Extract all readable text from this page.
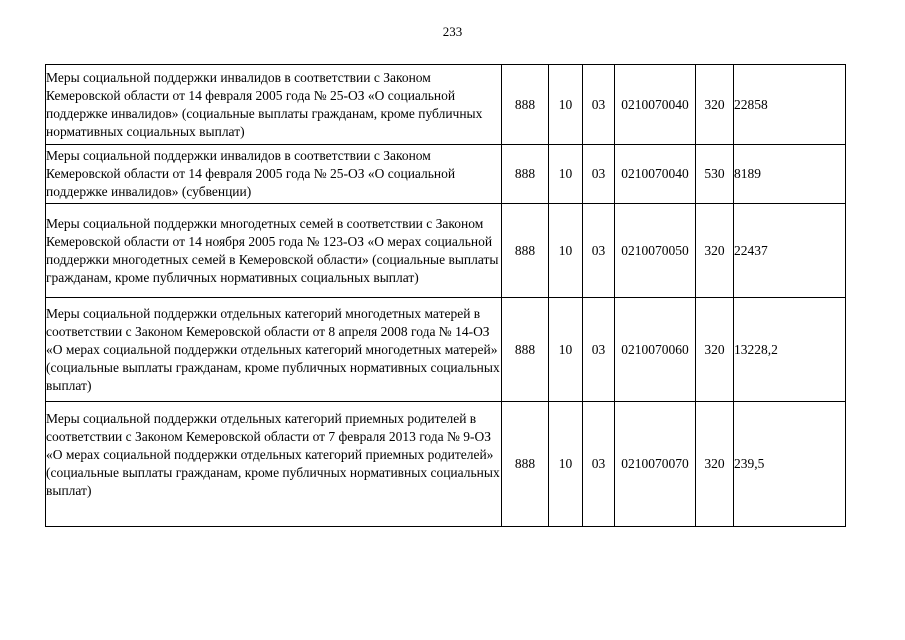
233
Меры социальной поддержки инвалидов в соответствии с Законом Кемеровской области от 14 февраля 2005 года № 25-ОЗ «О социальной поддержке инвалидов» (социальные выплаты гражданам, кроме публичных нормативных социальных выплат)	888	10	03	0210070040	320	22858
Меры социальной поддержки инвалидов в соответствии с Законом Кемеровской области от 14 февраля 2005 года № 25-ОЗ «О социальной поддержке инвалидов» (субвенции)	888	10	03	0210070040	530	8189
Меры социальной поддержки многодетных семей в соответствии с Законом Кемеровской области от 14 ноября 2005 года № 123-ОЗ «О мерах социальной поддержки многодетных семей в Кемеровской области» (социальные выплаты гражданам, кроме публичных нормативных социальных выплат)	888	10	03	0210070050	320	22437
Меры социальной поддержки отдельных категорий многодетных матерей в соответствии с Законом Кемеровской области от 8 апреля 2008 года № 14-ОЗ «О мерах социальной поддержки отдельных категорий многодетных матерей» (социальные выплаты гражданам, кроме публичных нормативных социальных выплат)	888	10	03	0210070060	320	13228,2
Меры социальной поддержки отдельных категорий приемных родителей в соответствии с Законом Кемеровской области от 7 февраля 2013 года № 9-ОЗ «О мерах социальной поддержки отдельных категорий приемных родителей» (социальные выплаты гражданам, кроме публичных нормативных социальных выплат)	888	10	03	0210070070	320	239,5
